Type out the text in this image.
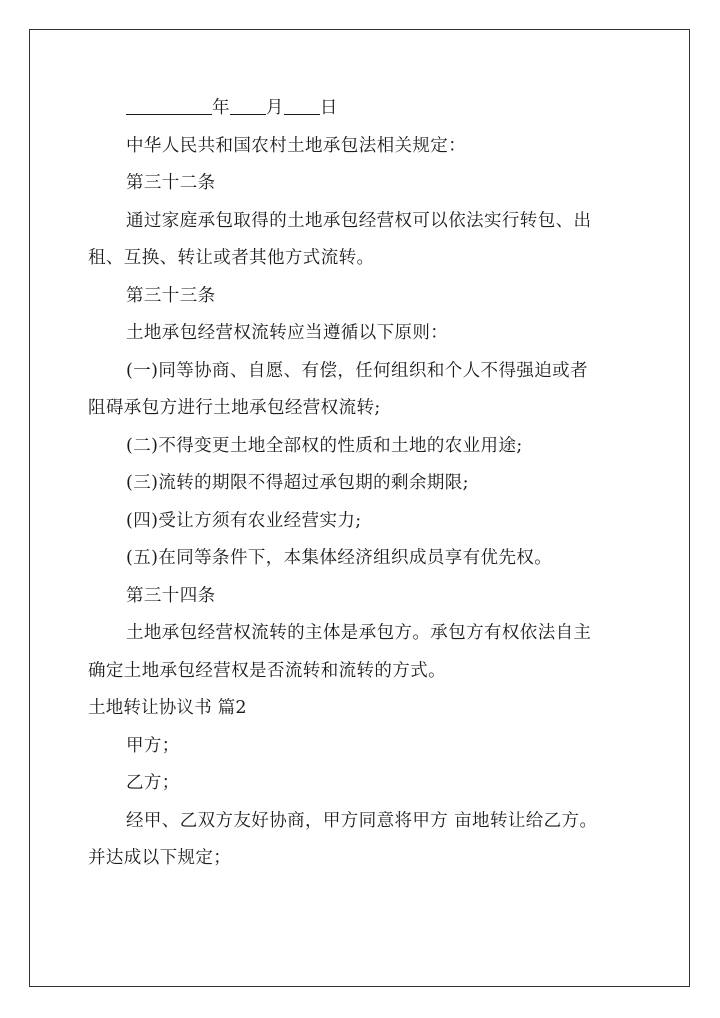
年 月 日
中华人民共和国农村土地承包法相关规定：
第三十二条
通过家庭承包取得的土地承包经营权可以依法实行转包、出
租、互换、转让或者其他方式流转。
第三十三条
土地承包经营权流转应当遵循以下原则：
(一)同等协商、自愿、有偿，任何组织和个人不得强迫或者
阻碍承包方进行土地承包经营权流转;
(二)不得变更土地全部权的性质和土地的农业用途;
(三)流转的期限不得超过承包期的剩余期限;
(四)受让方须有农业经营实力;
(五)在同等条件下，本集体经济组织成员享有优先权。
第三十四条
土地承包经营权流转的主体是承包方。承包方有权依法自主
确定土地承包经营权是否流转和流转的方式。
土地转让协议书 篇2
甲方；
乙方；
经甲、乙双方友好协商，甲方同意将甲方 亩地转让给乙方。
并达成以下规定；
